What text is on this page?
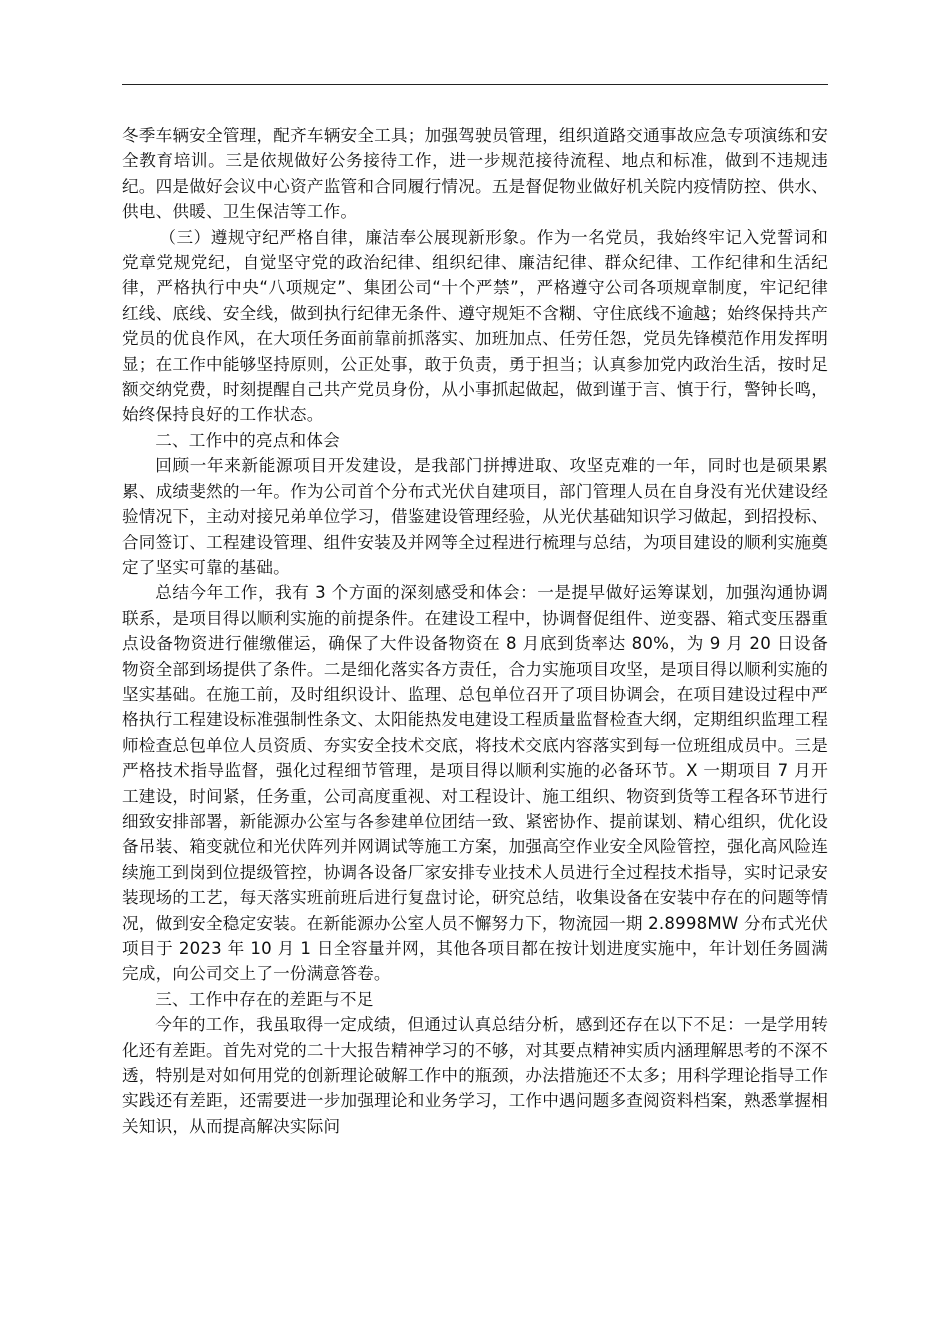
冬季车辆安全管理，配齐车辆安全工具；加强驾驶员管理，组织道路交通事故应急专项演练和安全教育培训。三是依规做好公务接待工作，进一步规范接待流程、地点和标准，做到不违规违纪。四是做好会议中心资产监管和合同履行情况。五是督促物业做好机关院内疫情防控、供水、供电、供暖、卫生保洁等工作。

（三）遵规守纪严格自律，廉洁奉公展现新形象。作为一名党员，我始终牢记入党誓词和党章党规党纪，自觉坚守党的政治纪律、组织纪律、廉洁纪律、群众纪律、工作纪律和生活纪律，严格执行中央“八项规定”、集团公司“十个严禁”，严格遵守公司各项规章制度，牢记纪律红线、底线、安全线，做到执行纪律无条件、遵守规矩不含糊、守住底线不逾越；始终保持共产党员的优良作风，在大项任务面前靠前抓落实、加班加点、任劳任怨，党员先锋模范作用发挥明显；在工作中能够坚持原则，公正处事，敢于负责，勇于担当；认真参加党内政治生活，按时足额交纳党费，时刻提醒自己共产党员身份，从小事抓起做起，做到谨于言、慎于行，警钟长鸣，始终保持良好的工作状态。

二、工作中的亮点和体会

回顾一年来新能源项目开发建设，是我部门拼搏进取、攻坚克难的一年，同时也是硕果累累、成绩斐然的一年。作为公司首个分布式光伏自建项目，部门管理人员在自身没有光伏建设经验情况下，主动对接兄弟单位学习，借鉴建设管理经验，从光伏基础知识学习做起，到招投标、合同签订、工程建设管理、组件安装及并网等全过程进行梳理与总结，为项目建设的顺利实施奠定了坚实可靠的基础。

总结今年工作，我有 3 个方面的深刻感受和体会：一是提早做好运筹谋划，加强沟通协调联系，是项目得以顺利实施的前提条件。在建设工程中，协调督促组件、逆变器、箱式变压器重点设备物资进行催缴催运，确保了大件设备物资在 8 月底到货率达 80%，为 9 月 20 日设备物资全部到场提供了条件。二是细化落实各方责任，合力实施项目攻坚，是项目得以顺利实施的坚实基础。在施工前，及时组织设计、监理、总包单位召开了项目协调会，在项目建设过程中严格执行工程建设标准强制性条文、太阳能热发电建设工程质量监督检查大纲，定期组织监理工程师检查总包单位人员资质、夯实安全技术交底，将技术交底内容落实到每一位班组成员中。三是严格技术指导监督，强化过程细节管理，是项目得以顺利实施的必备环节。X 一期项目 7 月开工建设，时间紧，任务重，公司高度重视、对工程设计、施工组织、物资到货等工程各环节进行细致安排部署，新能源办公室与各参建单位团结一致、紧密协作、提前谋划、精心组织，优化设备吊装、箱变就位和光伏阵列并网调试等施工方案，加强高空作业安全风险管控，强化高风险连续施工到岗到位提级管控，协调各设备厂家安排专业技术人员进行全过程技术指导，实时记录安装现场的工艺，每天落实班前班后进行复盘讨论，研究总结，收集设备在安装中存在的问题等情况，做到安全稳定安装。在新能源办公室人员不懈努力下，物流园一期 2.8998MW 分布式光伏项目于 2023 年 10 月 1 日全容量并网，其他各项目都在按计划进度实施中，年计划任务圆满完成，向公司交上了一份满意答卷。

三、工作中存在的差距与不足

今年的工作，我虽取得一定成绩，但通过认真总结分析，感到还存在以下不足：一是学用转化还有差距。首先对党的二十大报告精神学习的不够，对其要点精神实质内涵理解思考的不深不透，特别是对如何用党的创新理论破解工作中的瓶颈，办法措施还不太多；用科学理论指导工作实践还有差距，还需要进一步加强理论和业务学习，工作中遇问题多查阅资料档案，熟悉掌握相关知识，从而提高解决实际问
